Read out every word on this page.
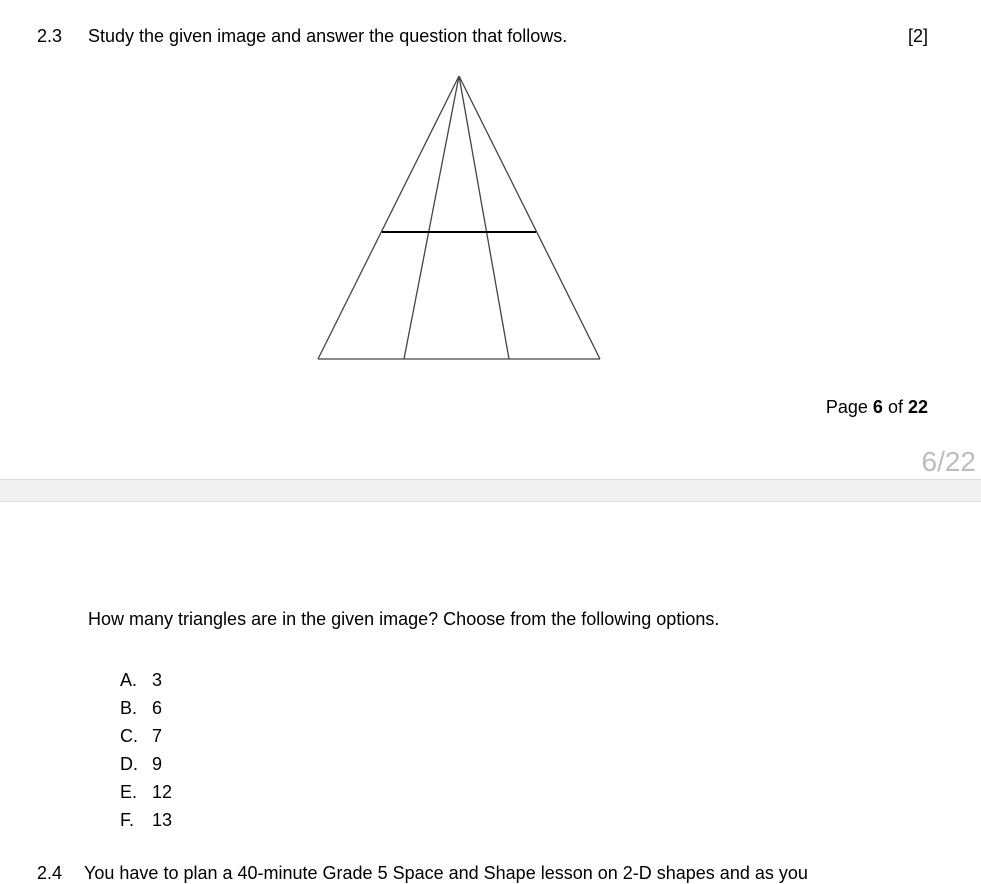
2.3 Study the given image and answer the question that follows.	[2]
Page 6 of 22
6/22
How many triangles are in the given image? Choose from the following options.
A. 3
B. 6
C. 7
D. 9
E. 12
F. 13
2.4 You have to plan a 40-minute Grade 5 Space and Shape lesson on 2-D shapes and as you
